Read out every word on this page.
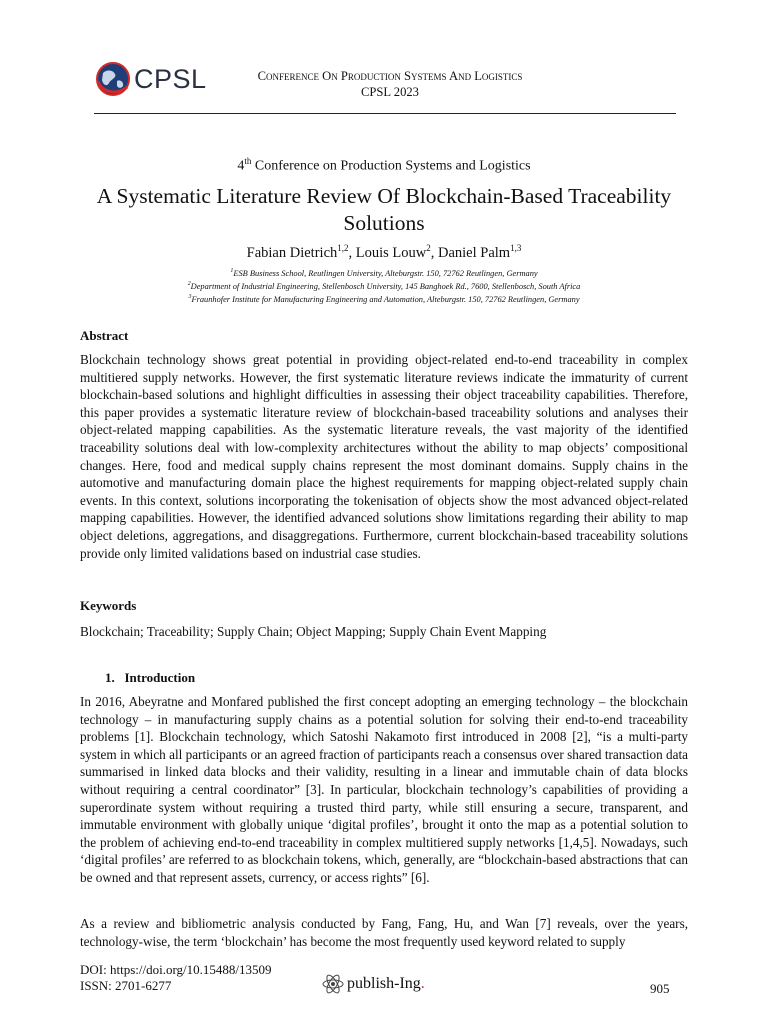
CPSL	Conference On Production Systems And Logistics
CPSL 2023
4th Conference on Production Systems and Logistics
A Systematic Literature Review Of Blockchain-Based Traceability
Solutions
Fabian Dietrich$^{1,2}$, Louis Louw$^2$, Daniel Palm$^{1,3}$
$^1$ESB Business School, Reutlingen University, Alteburgstr. 150, 72762 Reutlingen, Germany
$^2$Department of Industrial Engineering, Stellenbosch University, 145 Banghoek Rd., 7600, Stellenbosch, South Africa
$^3$Fraunhofer Institute for Manufacturing Engineering and Automation, Alteburgstr. 150, 72762 Reutlingen, Germany
Abstract
Blockchain technology shows great potential in providing object-related end-to-end traceability in complex multitiered supply networks. However, the first systematic literature reviews indicate the immaturity of current blockchain-based solutions and highlight difficulties in assessing their object traceability capabilities. Therefore, this paper provides a systematic literature review of blockchain-based traceability solutions and analyses their object-related mapping capabilities. As the systematic literature reveals, the vast majority of the identified traceability solutions deal with low-complexity architectures without the ability to map objects’ compositional changes. Here, food and medical supply chains represent the most dominant domains. Supply chains in the automotive and manufacturing domain place the highest requirements for mapping object-related supply chain events. In this context, solutions incorporating the tokenisation of objects show the most advanced object-related mapping capabilities. However, the identified advanced solutions show limitations regarding their ability to map object deletions, aggregations, and disaggregations. Furthermore, current blockchain-based traceability solutions provide only limited validations based on industrial case studies.
Keywords
Blockchain; Traceability; Supply Chain; Object Mapping; Supply Chain Event Mapping
1.   Introduction
In 2016, Abeyratne and Monfared published the first concept adopting an emerging technology – the blockchain technology – in manufacturing supply chains as a potential solution for solving their end-to-end traceability problems [1]. Blockchain technology, which Satoshi Nakamoto first introduced in 2008 [2], “is a multi-party system in which all participants or an agreed fraction of participants reach a consensus over shared transaction data summarised in linked data blocks and their validity, resulting in a linear and immutable chain of data blocks without requiring a central coordinator” [3]. In particular, blockchain technology’s capabilities of providing a superordinate system without requiring a trusted third party, while still ensuring a secure, transparent, and immutable environment with globally unique ‘digital profiles’, brought it onto the map as a potential solution to the problem of achieving end-to-end traceability in complex multitiered supply networks [1,4,5]. Nowadays, such ‘digital profiles’ are referred to as blockchain tokens, which, generally, are “blockchain-based abstractions that can be owned and that represent assets, currency, or access rights” [6].
As a review and bibliometric analysis conducted by Fang, Fang, Hu, and Wan [7] reveals, over the years, technology-wise, the term ‘blockchain’ has become the most frequently used keyword related to supply
DOI: https://doi.org/10.15488/13509
ISSN: 2701-6277	publish-Ing.	905
